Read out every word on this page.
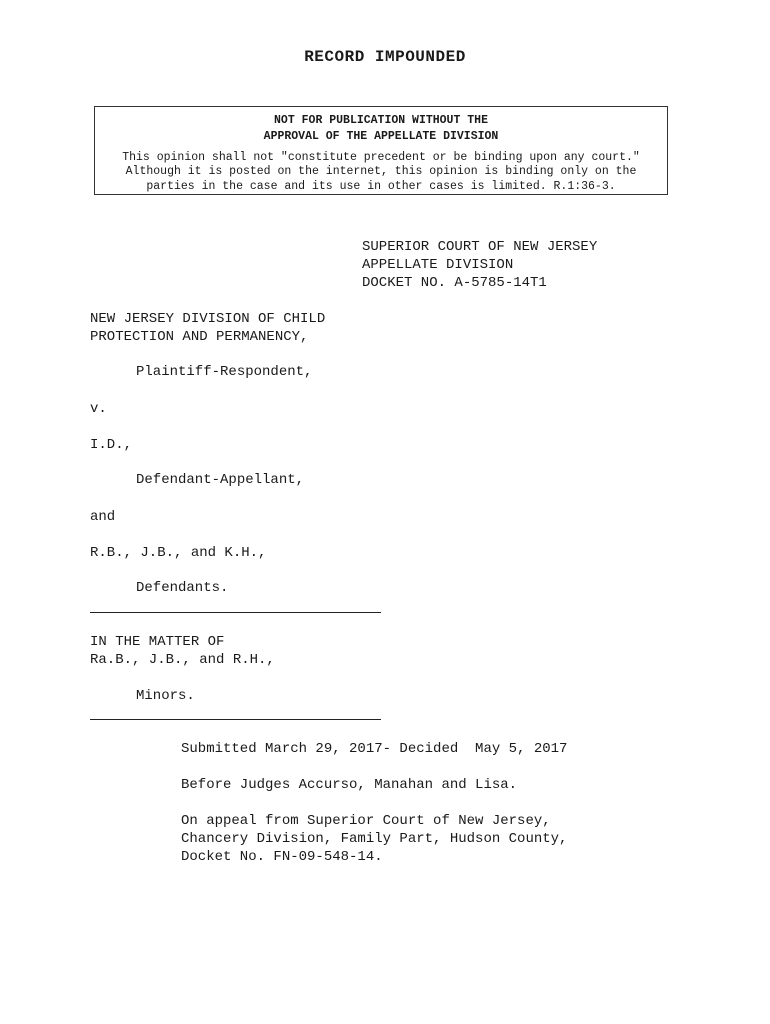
RECORD IMPOUNDED
NOT FOR PUBLICATION WITHOUT THE
APPROVAL OF THE APPELLATE DIVISION
This opinion shall not "constitute precedent or be binding upon any court."
Although it is posted on the internet, this opinion is binding only on the
parties in the case and its use in other cases is limited. R.1:36-3.
SUPERIOR COURT OF NEW JERSEY
APPELLATE DIVISION
DOCKET NO. A-5785-14T1
NEW JERSEY DIVISION OF CHILD
PROTECTION AND PERMANENCY,
Plaintiff-Respondent,
v.
I.D.,
Defendant-Appellant,
and
R.B., J.B., and K.H.,
Defendants.
IN THE MATTER OF
Ra.B., J.B., and R.H.,
Minors.
Submitted March 29, 2017- Decided  May 5, 2017
Before Judges Accurso, Manahan and Lisa.
On appeal from Superior Court of New Jersey,
Chancery Division, Family Part, Hudson County,
Docket No. FN-09-548-14.
